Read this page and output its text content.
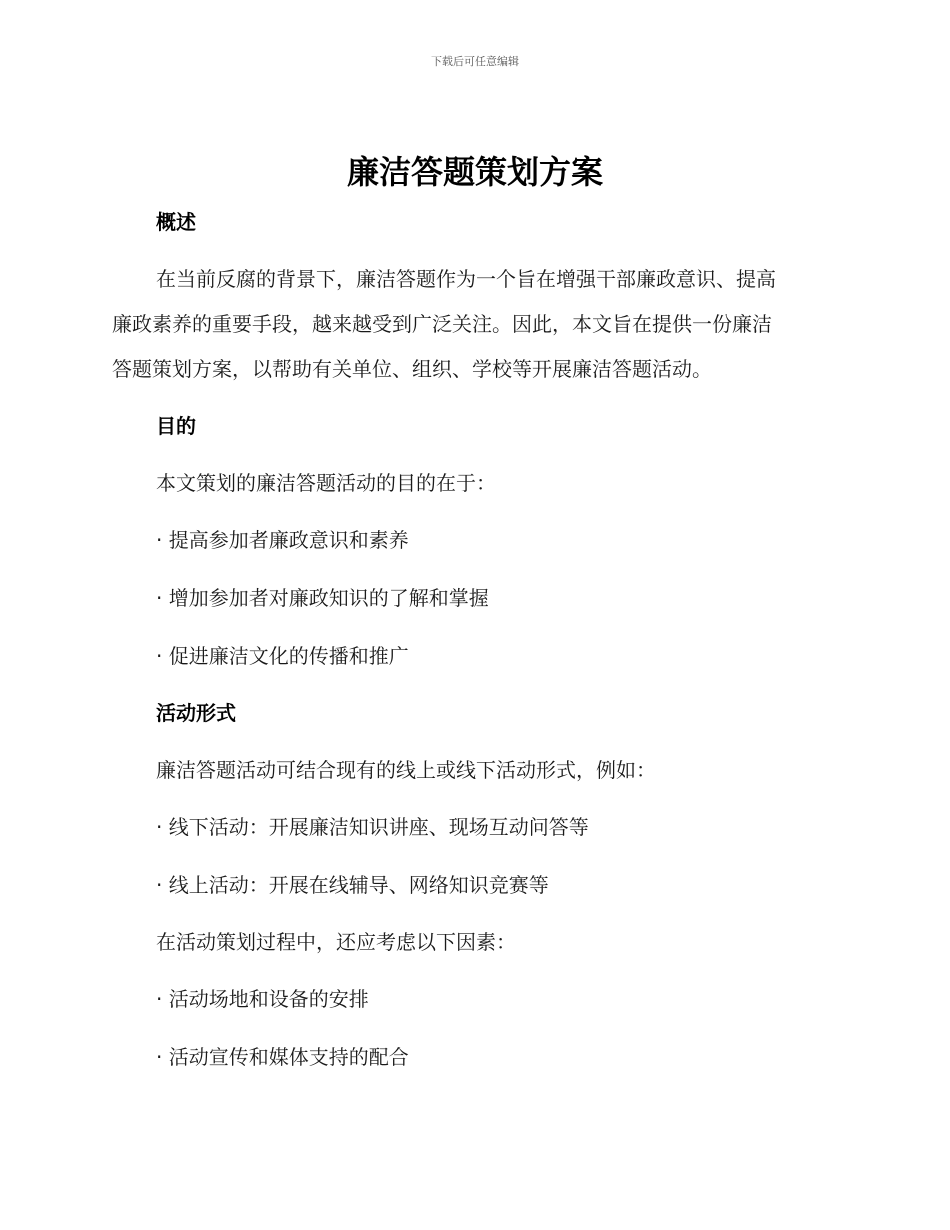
下载后可任意编辑
廉洁答题策划方案

概述

在当前反腐的背景下，廉洁答题作为一个旨在增强干部廉政意识、提高

廉政素养的重要手段，越来越受到广泛关注。因此，本文旨在提供一份廉洁

答题策划方案，以帮助有关单位、组织、学校等开展廉洁答题活动。

目的

本文策划的廉洁答题活动的目的在于：

· 提高参加者廉政意识和素养

· 增加参加者对廉政知识的了解和掌握

· 促进廉洁文化的传播和推广

活动形式

廉洁答题活动可结合现有的线上或线下活动形式，例如：

· 线下活动：开展廉洁知识讲座、现场互动问答等

· 线上活动：开展在线辅导、网络知识竞赛等

在活动策划过程中，还应考虑以下因素：

· 活动场地和设备的安排

· 活动宣传和媒体支持的配合
